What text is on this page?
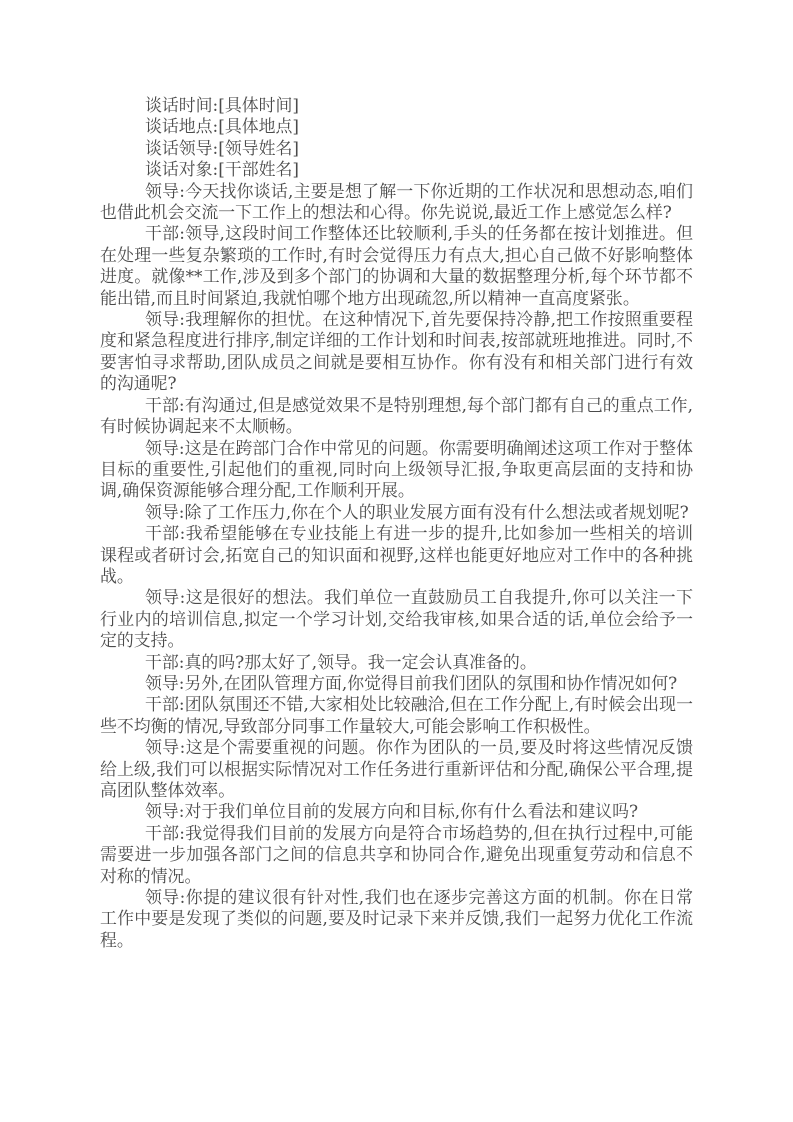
谈话时间:[具体时间]

谈话地点:[具体地点]

谈话领导:[领导姓名]

谈话对象:[干部姓名]

领导:今天找你谈话,主要是想了解一下你近期的工作状况和思想动态,咱们也借此机会交流一下工作上的想法和心得。你先说说,最近工作上感觉怎么样?

干部:领导,这段时间工作整体还比较顺利,手头的任务都在按计划推进。但在处理一些复杂繁琐的工作时,有时会觉得压力有点大,担心自己做不好影响整体进度。就像**工作,涉及到多个部门的协调和大量的数据整理分析,每个环节都不能出错,而且时间紧迫,我就怕哪个地方出现疏忽,所以精神一直高度紧张。

领导:我理解你的担忧。在这种情况下,首先要保持冷静,把工作按照重要程度和紧急程度进行排序,制定详细的工作计划和时间表,按部就班地推进。同时,不要害怕寻求帮助,团队成员之间就是要相互协作。你有没有和相关部门进行有效的沟通呢?

干部:有沟通过,但是感觉效果不是特别理想,每个部门都有自己的重点工作,有时候协调起来不太顺畅。

领导:这是在跨部门合作中常见的问题。你需要明确阐述这项工作对于整体目标的重要性,引起他们的重视,同时向上级领导汇报,争取更高层面的支持和协调,确保资源能够合理分配,工作顺利开展。

领导:除了工作压力,你在个人的职业发展方面有没有什么想法或者规划呢?

干部:我希望能够在专业技能上有进一步的提升,比如参加一些相关的培训课程或者研讨会,拓宽自己的知识面和视野,这样也能更好地应对工作中的各种挑战。

领导:这是很好的想法。我们单位一直鼓励员工自我提升,你可以关注一下行业内的培训信息,拟定一个学习计划,交给我审核,如果合适的话,单位会给予一定的支持。

干部:真的吗?那太好了,领导。我一定会认真准备的。

领导:另外,在团队管理方面,你觉得目前我们团队的氛围和协作情况如何?

干部:团队氛围还不错,大家相处比较融洽,但在工作分配上,有时候会出现一些不均衡的情况,导致部分同事工作量较大,可能会影响工作积极性。

领导:这是个需要重视的问题。你作为团队的一员,要及时将这些情况反馈给上级,我们可以根据实际情况对工作任务进行重新评估和分配,确保公平合理,提高团队整体效率。

领导:对于我们单位目前的发展方向和目标,你有什么看法和建议吗?

干部:我觉得我们目前的发展方向是符合市场趋势的,但在执行过程中,可能需要进一步加强各部门之间的信息共享和协同合作,避免出现重复劳动和信息不对称的情况。

领导:你提的建议很有针对性,我们也在逐步完善这方面的机制。你在日常工作中要是发现了类似的问题,要及时记录下来并反馈,我们一起努力优化工作流程。
